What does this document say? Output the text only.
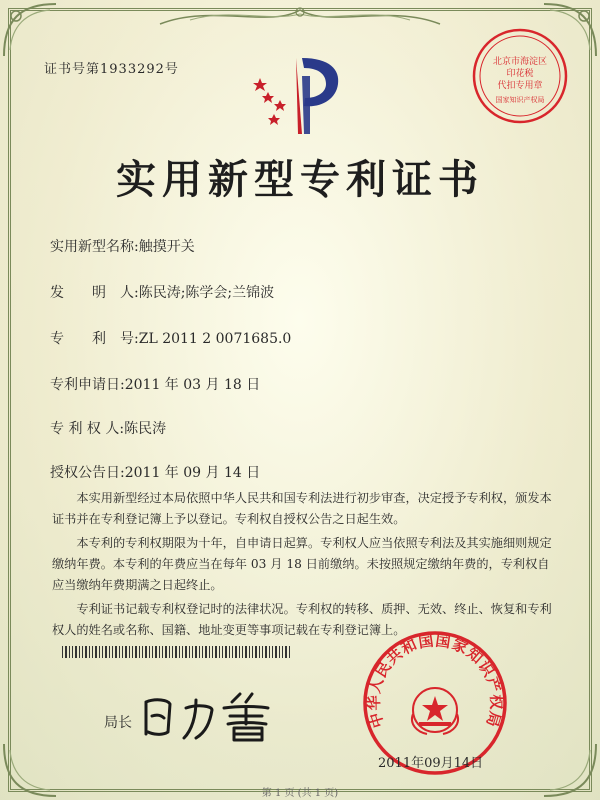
证书号第1933292号	北京市海淀区
印花税
代扣专用章
国家知识产权局
实用新型专利证书
实用新型名称:触摸开关
发　　明　人:陈民涛;陈学会;兰锦波
专　　利　号:ZL 2011 2 0071685.0
专利申请日:2011 年 03 月 18 日
专 利 权 人:陈民涛
授权公告日:2011 年 09 月 14 日

本实用新型经过本局依照中华人民共和国专利法进行初步审查，决定授予专利权，颁发本证书并在专利登记簿上予以登记。专利权自授权公告之日起生效。

本专利的专利权期限为十年，自申请日起算。专利权人应当依照专利法及其实施细则规定缴纳年费。本专利的年费应当在每年 03 月 18 日前缴纳。未按照规定缴纳年费的，专利权自应当缴纳年费期满之日起终止。

专利证书记载专利权登记时的法律状况。专利权的转移、质押、无效、终止、恢复和专利权人的姓名或名称、国籍、地址变更等事项记载在专利登记簿上。

局长	中华人民共和国国家知识产权局
2011年09月14日
第 1 页 (共 1 页)
